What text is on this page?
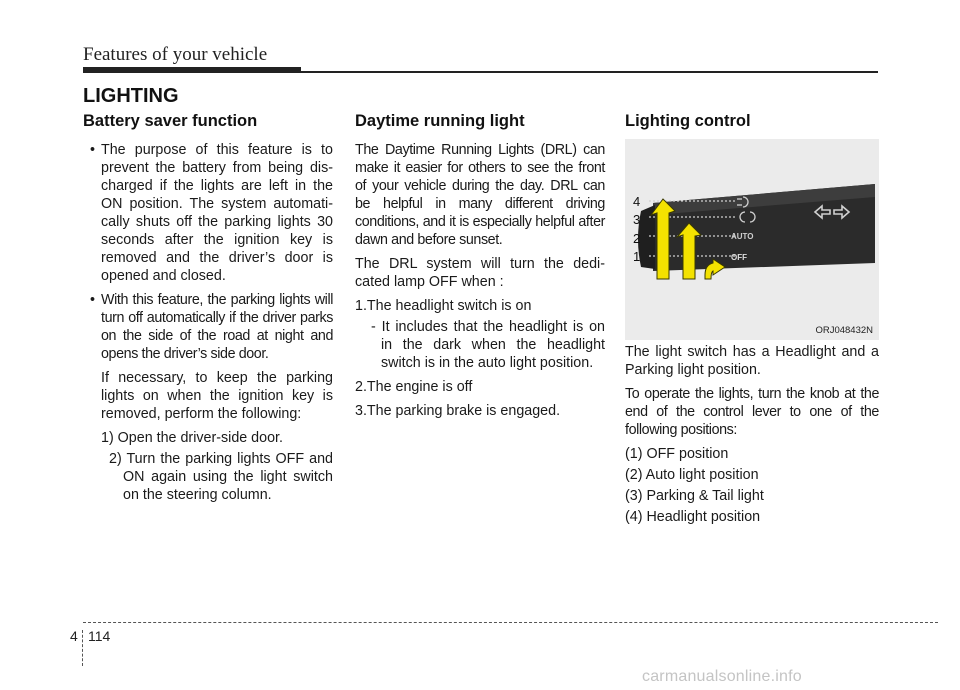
Features of your vehicle
LIGHTING
Battery saver function

• The purpose of this feature is to prevent the battery from being dis-charged if the lights are left in the ON position. The system automati-cally shuts off the parking lights 30 seconds after the ignition key is removed and the driver’s door is opened and closed.

• With this feature, the parking lights will turn off automatically if the driver parks on the side of the road at night and opens the driver’s side door.

If necessary, to keep the parking lights on when the ignition key is removed, perform the following:

1) Open the driver-side door.

2) Turn the parking lights OFF and ON again using the light switch on the steering column.

Daytime running light

The Daytime Running Lights (DRL) can make it easier for others to see the front of your vehicle during the day. DRL can be helpful in many different driving conditions, and it is especially helpful after dawn and before sunset.

The DRL system will turn the dedi-cated lamp OFF when :

1.The headlight switch is on

- It includes that the headlight is on in the dark when the headlight switch is in the auto light position.

2.The engine is off

3.The parking brake is engaged.

Lighting control
AUTO
OFF
4
3
2
1
ORJ048432N

The light switch has a Headlight and a Parking light position.

To operate the lights, turn the knob at the end of the control lever to one of the following positions:

(1) OFF position

(2) Auto light position

(3) Parking & Tail light

(4) Headlight position

4 114
carmanualsonline.info
